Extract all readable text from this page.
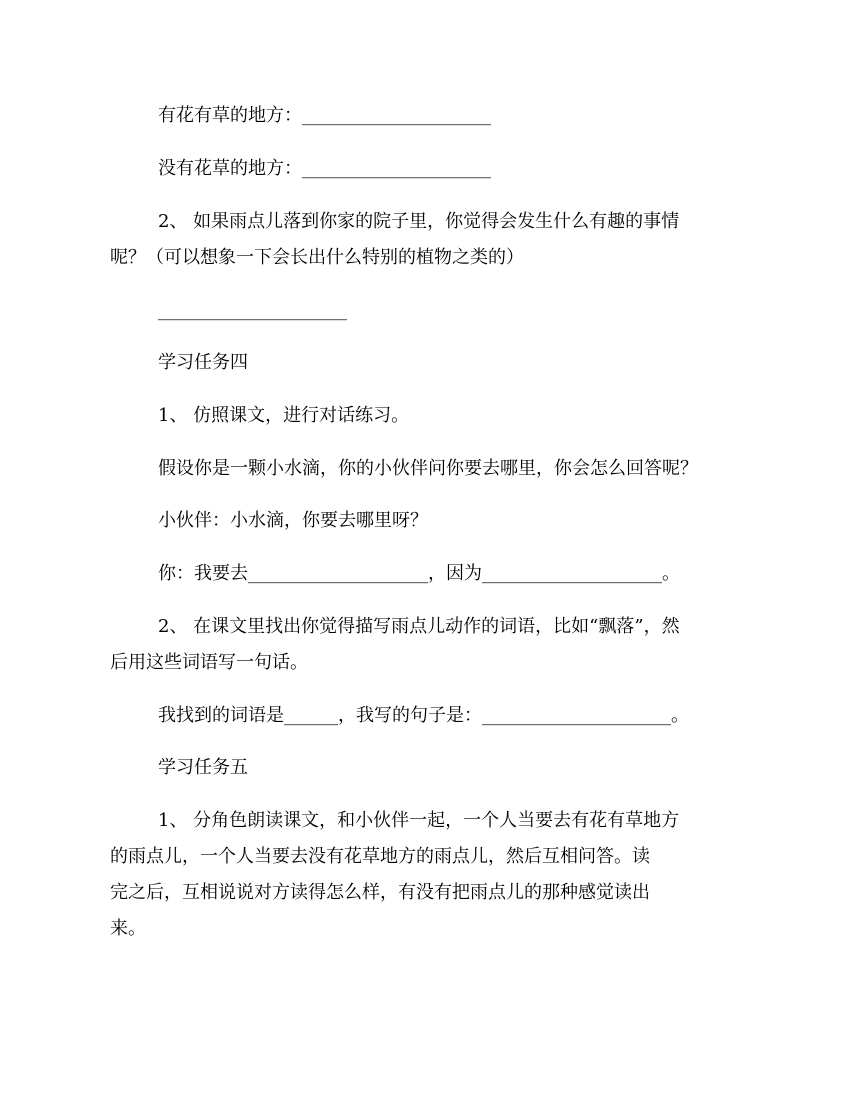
有花有草的地方：_____________________
没有花草的地方：_____________________
2、 如果雨点儿落到你家的院子里，你觉得会发生什么有趣的事情
呢？（可以想象一下会长出什么特别的植物之类的）
_____________________
学习任务四
1、 仿照课文，进行对话练习。
假设你是一颗小水滴，你的小伙伴问你要去哪里，你会怎么回答呢？
小伙伴：小水滴，你要去哪里呀？
你：我要去____________________，因为____________________。
2、 在课文里找出你觉得描写雨点儿动作的词语，比如“飘落”，然
后用这些词语写一句话。
我找到的词语是______，我写的句子是：_____________________。
学习任务五
1、 分角色朗读课文，和小伙伴一起，一个人当要去有花有草地方
的雨点儿，一个人当要去没有花草地方的雨点儿，然后互相问答。读
完之后，互相说说对方读得怎么样，有没有把雨点儿的那种感觉读出
来。
